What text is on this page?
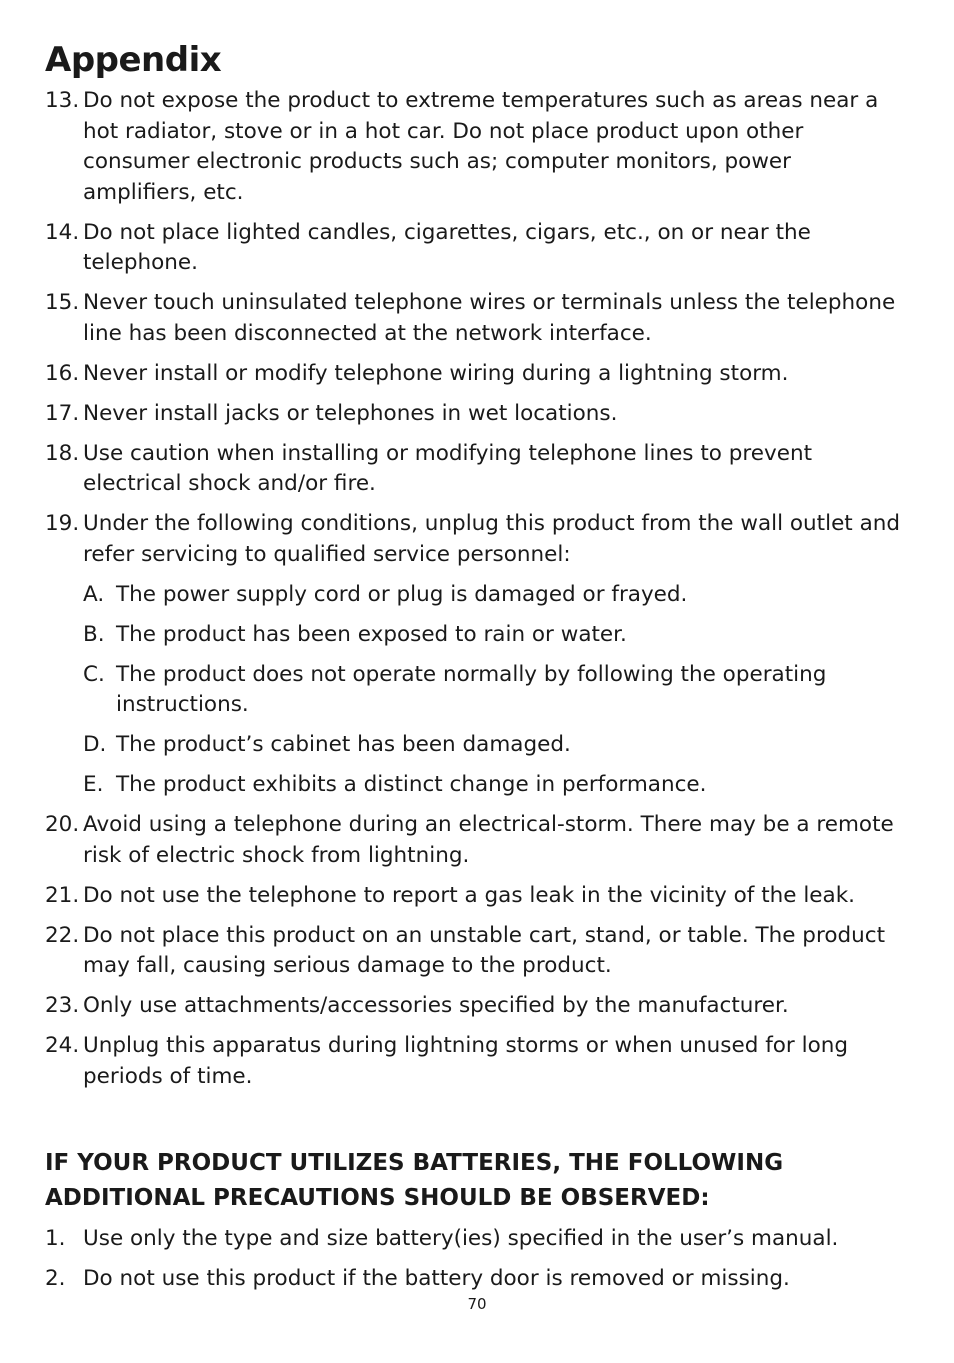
Appendix
13. Do not expose the product to extreme temperatures such as areas near a hot radiator, stove or in a hot car. Do not place product upon other consumer electronic products such as; computer monitors, power amplifiers, etc.
14. Do not place lighted candles, cigarettes, cigars, etc., on or near the telephone.
15. Never touch uninsulated telephone wires or terminals unless the telephone line has been disconnected at the network interface.
16. Never install or modify telephone wiring during a lightning storm.
17. Never install jacks or telephones in wet locations.
18. Use caution when installing or modifying telephone lines to prevent electrical shock and/or fire.
19. Under the following conditions, unplug this product from the wall outlet and refer servicing to qualified service personnel:
A. The power supply cord or plug is damaged or frayed.
B. The product has been exposed to rain or water.
C. The product does not operate normally by following the operating instructions.
D. The product’s cabinet has been damaged.
E. The product exhibits a distinct change in performance.
20. Avoid using a telephone during an electrical-storm. There may be a remote risk of electric shock from lightning.
21. Do not use the telephone to report a gas leak in the vicinity of the leak.
22. Do not place this product on an unstable cart, stand, or table. The product may fall, causing serious damage to the product.
23. Only use attachments/accessories specified by the manufacturer.
24. Unplug this apparatus during lightning storms or when unused for long periods of time.
IF YOUR PRODUCT UTILIZES BATTERIES, THE FOLLOWING ADDITIONAL PRECAUTIONS SHOULD BE OBSERVED:
1. Use only the type and size battery(ies) specified in the user’s manual.
2. Do not use this product if the battery door is removed or missing.
70
